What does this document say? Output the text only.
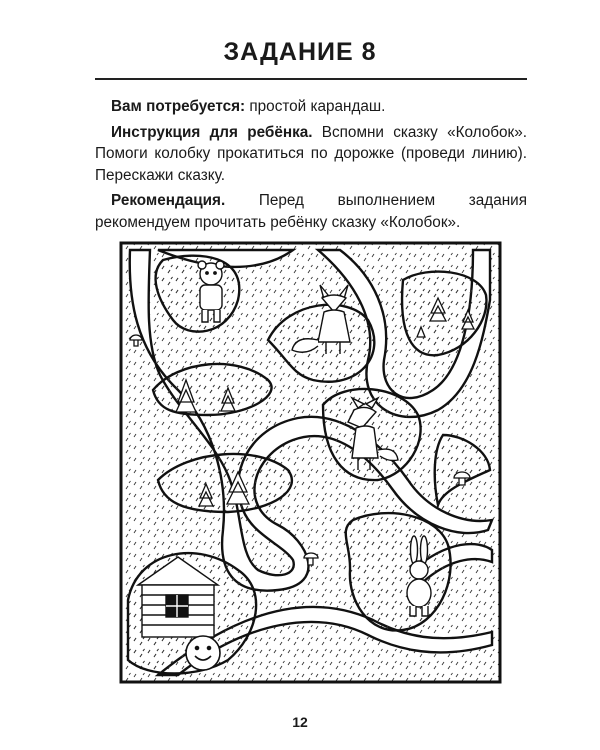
ЗАДАНИЕ 8

Вам потребуется: простой карандаш.

Инструкция для ребёнка. Вспомни сказку «Колобок». Помоги колобку прокатиться по дорожке (проведи линию). Перескажи сказку.

Рекомендация. Перед выполнением задания рекомендуем прочитать ребёнку сказку «Колобок».

12
